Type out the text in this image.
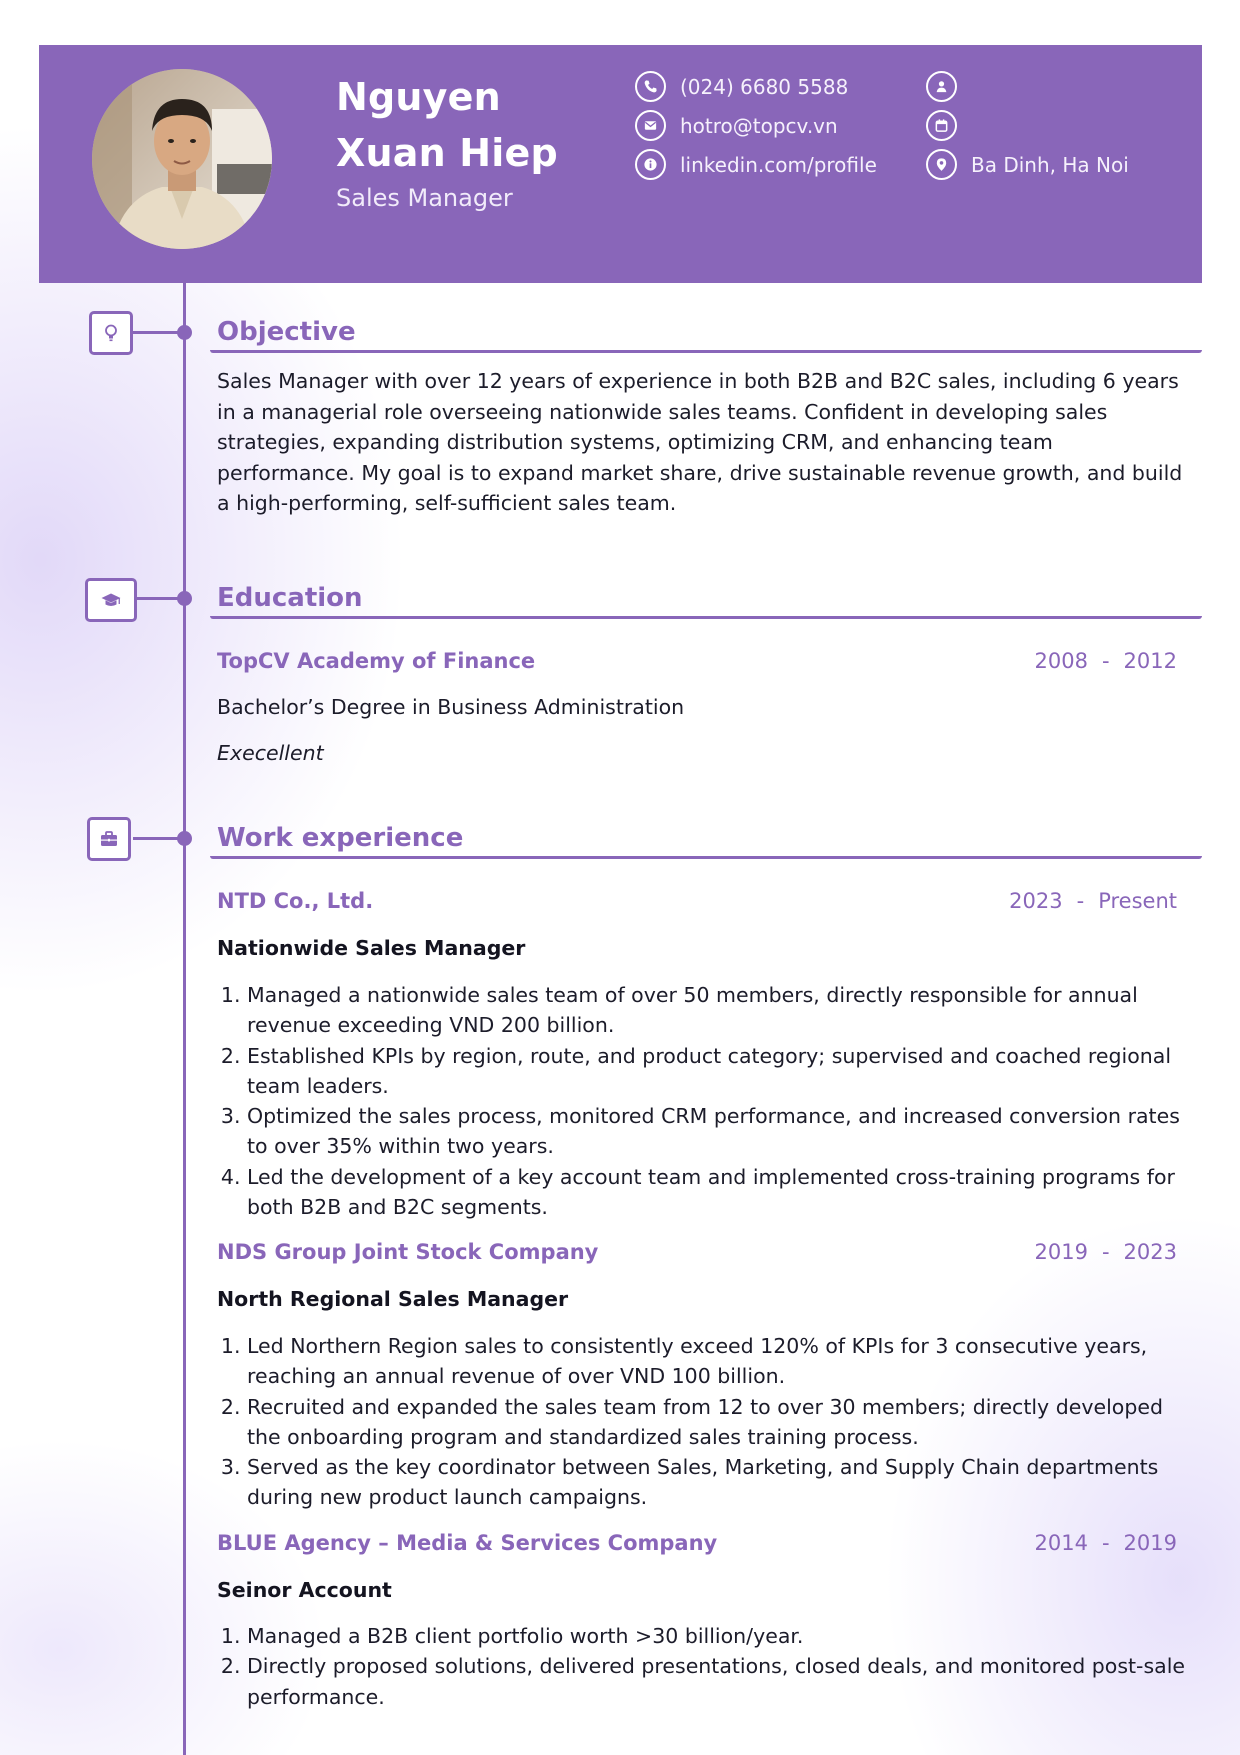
Nguyen Xuan Hiep
Sales Manager
(024) 6680 5588
hotro@topcv.vn
linkedin.com/profile	Ba Dinh, Ha Noi
Objective
Sales Manager with over 12 years of experience in both B2B and B2C sales, including 6 years in a managerial role overseeing nationwide sales teams. Confident in developing sales strategies, expanding distribution systems, optimizing CRM, and enhancing team performance. My goal is to expand market share, drive sustainable revenue growth, and build a high-performing, self-sufficient sales team.
Education
TopCV Academy of Finance	2008 - 2012
Bachelor’s Degree in Business Administration
Execellent
Work experience
NTD Co., Ltd.	2023 - Present
Nationwide Sales Manager
1. Managed a nationwide sales team of over 50 members, directly responsible for annual revenue exceeding VND 200 billion.
2. Established KPIs by region, route, and product category; supervised and coached regional team leaders.
3. Optimized the sales process, monitored CRM performance, and increased conversion rates to over 35% within two years.
4. Led the development of a key account team and implemented cross-training programs for both B2B and B2C segments.
NDS Group Joint Stock Company	2019 - 2023
North Regional Sales Manager
1. Led Northern Region sales to consistently exceed 120% of KPIs for 3 consecutive years, reaching an annual revenue of over VND 100 billion.
2. Recruited and expanded the sales team from 12 to over 30 members; directly developed the onboarding program and standardized sales training process.
3. Served as the key coordinator between Sales, Marketing, and Supply Chain departments during new product launch campaigns.
BLUE Agency – Media & Services Company	2014 - 2019
Seinor Account
1. Managed a B2B client portfolio worth >30 billion/year.
2. Directly proposed solutions, delivered presentations, closed deals, and monitored post-sale performance.
